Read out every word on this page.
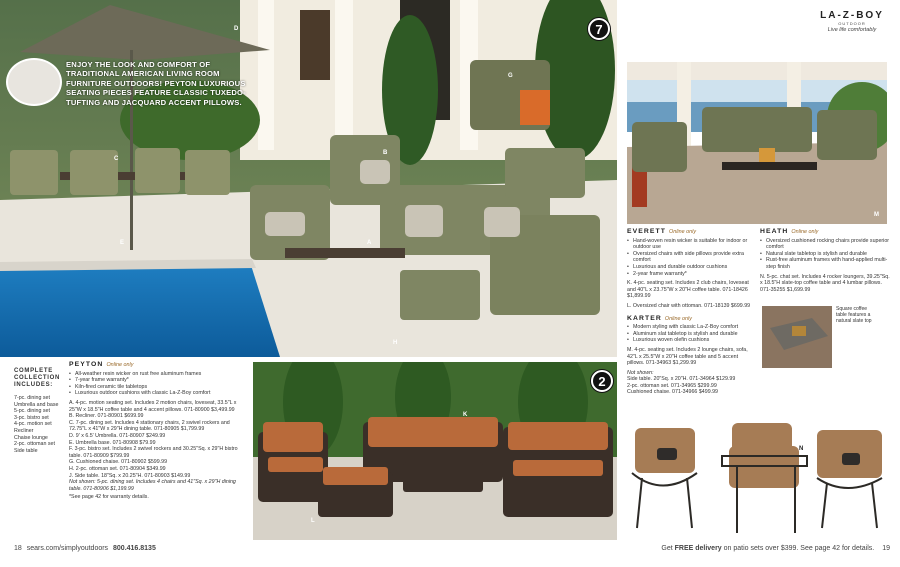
ENJOY THE LOOK AND COMFORT OF TRADITIONAL AMERICAN LIVING ROOM FURNITURE OUTDOORS! PEYTON LUXURIOUS SEATING PIECES FEATURE CLASSIC TUXEDO-TUFTING AND JACQUARD ACCENT PILLOWS.
7
D
C
E
B
G
A
H
COMPLETE COLLECTION INCLUDES:
7-pc. dining set
Umbrella and base
5-pc. dining set
3-pc. bistro set
4-pc. motion set
Recliner
Chaise lounge
2-pc. ottoman set
Side table
PEYTON Online only
• All-weather resin wicker on rust free aluminum frames
• 7-year frame warranty*
• Kiln-fired ceramic tile tabletops
• Luxurious outdoor cushions with classic La-Z-Boy comfort
A. 4-pc. motion seating set. Includes 2 motion chairs, loveseat, 33.5"L x 25"W x 18.5"H coffee table and 4 accent pillows. 071-80900 $3,499.99
B. Recliner. 071-80901 $699.99
C. 7-pc. dining set. Includes 4 stationary chairs, 2 swivel rockers and 72.75"L x 41"W x 29"H dining table. 071-80905 $1,799.99
D. 9' x 6.5' Umbrella. 071-80907 $249.99
E. Umbrella base. 071-80908 $79.99
F. 3-pc. bistro set. Includes 2 swivel rockers and 30.25"Sq. x 29"H bistro table. 071-80909 $799.99
G. Cushioned chaise. 071-80902 $599.99
H. 2-pc. ottoman set. 071-80904 $349.99
J. Side table. 18"Sq. x 20.25"H. 071-80903 $149.99
Not shown: 5-pc. dining set. Includes 4 chairs and 41"Sq. x 29"H dining table. 071-80906 $1,199.99
*See page 42 for warranty details.
2
L
K
18 sears.com/simplyoutdoors 800.416.8135
LA-Z-BOY
OUTDOOR
Live life comfortably
M
EVERETT Online only
• Hand-woven resin wicker is suitable for indoor or outdoor use
• Oversized chairs with side pillows provide extra comfort
• Luxurious and durable outdoor cushions
• 2-year frame warranty*
K. 4-pc. seating set. Includes 2 club chairs, loveseat and 40"L x 23.75"W x 20"H coffee table. 071-18426 $1,899.99
L. Oversized chair with ottoman. 071-18139 $699.99
KARTER Online only
• Modern styling with classic La-Z-Boy comfort
• Aluminum slat tabletop is stylish and durable
• Luxurious woven olefin cushions
M. 4-pc. seating set. Includes 2 lounge chairs, sofa, 42"L x 25.5"W x 20"H coffee table and 5 accent pillows. 071-34963 $1,299.99
Not shown:
Side table. 20"Sq. x 20"H. 071-34964 $129.99
2-pc. ottoman set. 071-34965 $299.99
Cushioned chaise. 071-34966 $499.99
HEATH Online only
• Oversized cushioned rocking chairs provide superior comfort
• Natural slate tabletop is stylish and durable
• Rust-free aluminum frames with hand-applied multi-step finish
N. 5-pc. chat set. Includes 4 rocker loungers, 39.25"Sq. x 18.5"H slate-top coffee table and 4 lumbar pillows. 071-35255 $1,699.99
Square coffee table features a natural slate top
N
Get FREE delivery on patio sets over $399. See page 42 for details. 19
